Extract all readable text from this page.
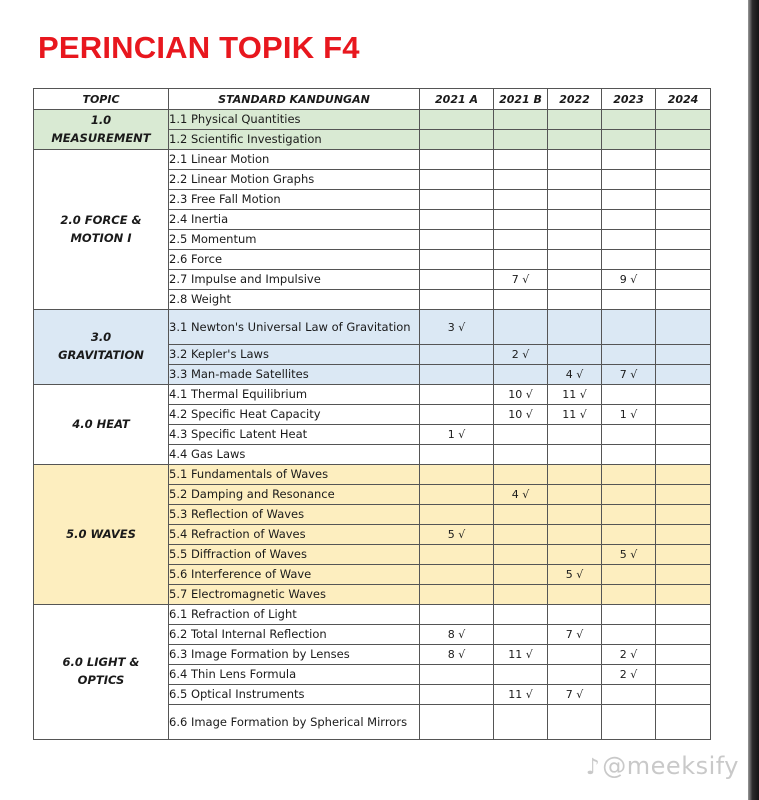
PERINCIAN TOPIK F4
TOPIC	STANDARD KANDUNGAN	2021 A	2021 B	2022	2023	2024

1.0
MEASUREMENT	1.1 Physical Quantities					
	1.2 Scientific Investigation					

2.0 FORCE &
MOTION I	2.1 Linear Motion					
	2.2 Linear Motion Graphs					
	2.3 Free Fall Motion					
	2.4 Inertia					
	2.5 Momentum					
	2.6 Force					
	2.7 Impulse and Impulsive		7 √		9 √	
	2.8 Weight					

3.0
GRAVITATION	3.1 Newton's Universal Law of Gravitation	3 √				
	3.2 Kepler's Laws		2 √			
	3.3 Man-made Satellites			4 √	7 √	

4.0 HEAT	4.1 Thermal Equilibrium		10 √	11 √		
	4.2 Specific Heat Capacity		10 √	11 √	1 √	
	4.3 Specific Latent Heat	1 √				
	4.4 Gas Laws					

5.0 WAVES	5.1 Fundamentals of Waves					
	5.2 Damping and Resonance		4 √			
	5.3 Reflection of Waves					
	5.4 Refraction of Waves	5 √				
	5.5 Diffraction of Waves				5 √	
	5.6 Interference of Wave			5 √		
	5.7 Electromagnetic Waves					

6.0 LIGHT &
OPTICS	6.1 Refraction of Light					
	6.2 Total Internal Reflection	8 √		7 √		
	6.3 Image Formation by Lenses	8 √	11 √		2 √	
	6.4 Thin Lens Formula				2 √	
	6.5 Optical Instruments		11 √	7 √		
	6.6 Image Formation by Spherical Mirrors					
♪@meeksify
